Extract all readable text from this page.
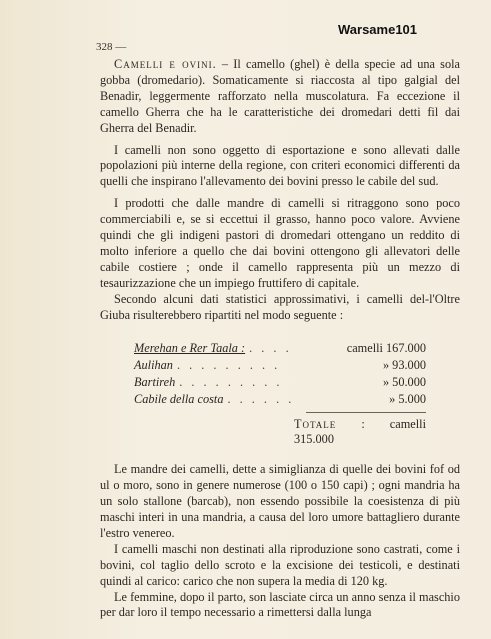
Warsame101
328 —

Camelli e ovini. – Il camello (ghel) è della specie ad una sola gobba (dromedario). Somaticamente si riaccosta al tipo galgial del Benadir, leggermente rafforzato nella muscolatura. Fa eccezione il camello Gherra che ha le caratteristiche dei dromedari detti fil dai Gherra del Benadir.

I camelli non sono oggetto di esportazione e sono allevati dalle popolazioni più interne della regione, con criteri economici differenti da quelli che inspirano l'allevamento dei bovini presso le cabile del sud.

I prodotti che dalle mandre di camelli si ritraggono sono poco commerciabili e, se si eccettui il grasso, hanno poco valore. Avviene quindi che gli indigeni pastori di dromedari ottengano un reddito di molto inferiore a quello che dai bovini ottengono gli allevatori delle cabile costiere ; onde il camello rappresenta più un mezzo di tesaurizzazione che un impiego fruttifero di capitale.

Secondo alcuni dati statistici approssimativi, i camelli del-l'Oltre Giuba risulterebbero ripartiti nel modo seguente :

Merehan e Rer Taala : . . . .	camelli 167.000
Aulihan . . . . . . . . .	» 93.000
Bartireh . . . . . . . . .	» 50.000
Cabile della costa . . . . . .	» 5.000
Totale : camelli 315.000

Le mandre dei camelli, dette a simiglianza di quelle dei bovini fof od ul o moro, sono in genere numerose (100 o 150 capi) ; ogni mandria ha un solo stallone (barcab), non essendo possibile la coesistenza di più maschi interi in una mandria, a causa del loro umore battagliero durante l'estro venereo.

I camelli maschi non destinati alla riproduzione sono castrati, come i bovini, col taglio dello scroto e la excisione dei testicoli, e destinati quindi al carico: carico che non supera la media di 120 kg.

Le femmine, dopo il parto, son lasciate circa un anno senza il maschio per dar loro il tempo necessario a rimettersi dalla lunga
